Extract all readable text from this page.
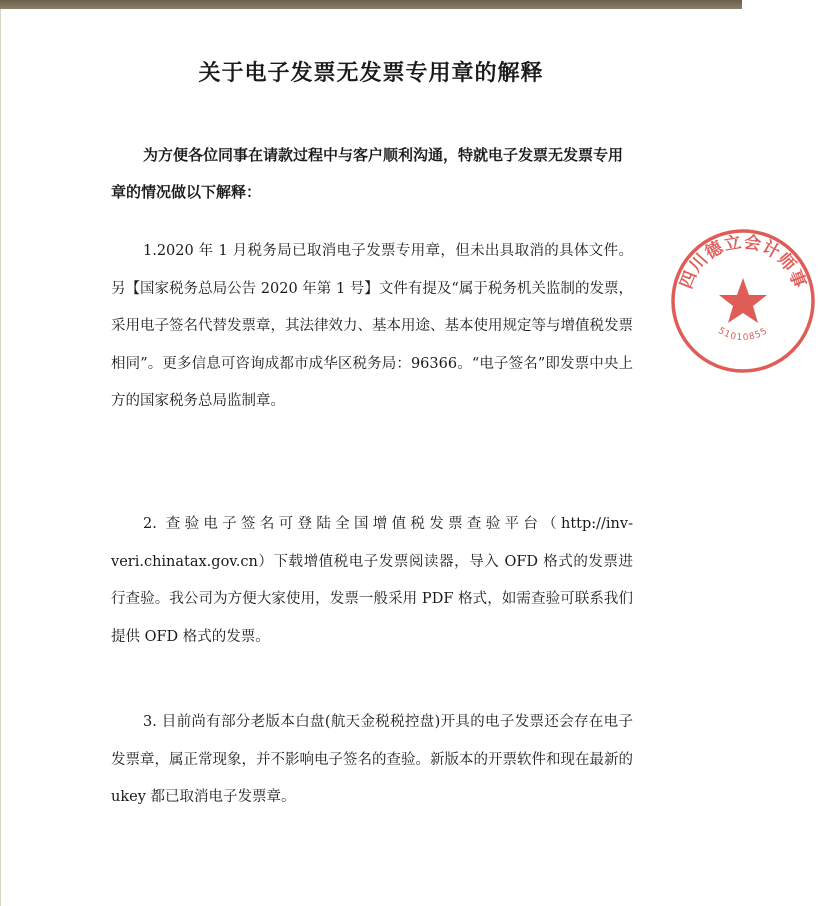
关于电子发票无发票专用章的解释
为方便各位同事在请款过程中与客户顺利沟通，特就电子发票无发票专用章的情况做以下解释：
1.2020 年 1 月税务局已取消电子发票专用章，但未出具取消的具体文件。另【国家税务总局公告 2020 年第 1 号】文件有提及“属于税务机关监制的发票，采用电子签名代替发票章，其法律效力、基本用途、基本使用规定等与增值税发票相同”。更多信息可咨询成都市成华区税务局：96366。“电子签名”即发票中央上方的国家税务总局监制章。
2. 查验电子签名可登陆全国增值税发票查验平台（http://inv-veri.chinatax.gov.cn）下载增值税电子发票阅读器，导入 OFD 格式的发票进行查验。我公司为方便大家使用，发票一般采用 PDF 格式，如需查验可联系我们提供 OFD 格式的发票。
3. 目前尚有部分老版本白盘(航天金税税控盘)开具的电子发票还会存在电子发票章，属正常现象，并不影响电子签名的查验。新版本的开票软件和现在最新的 ukey 都已取消电子发票章。
四川德立会计师事
51010855
